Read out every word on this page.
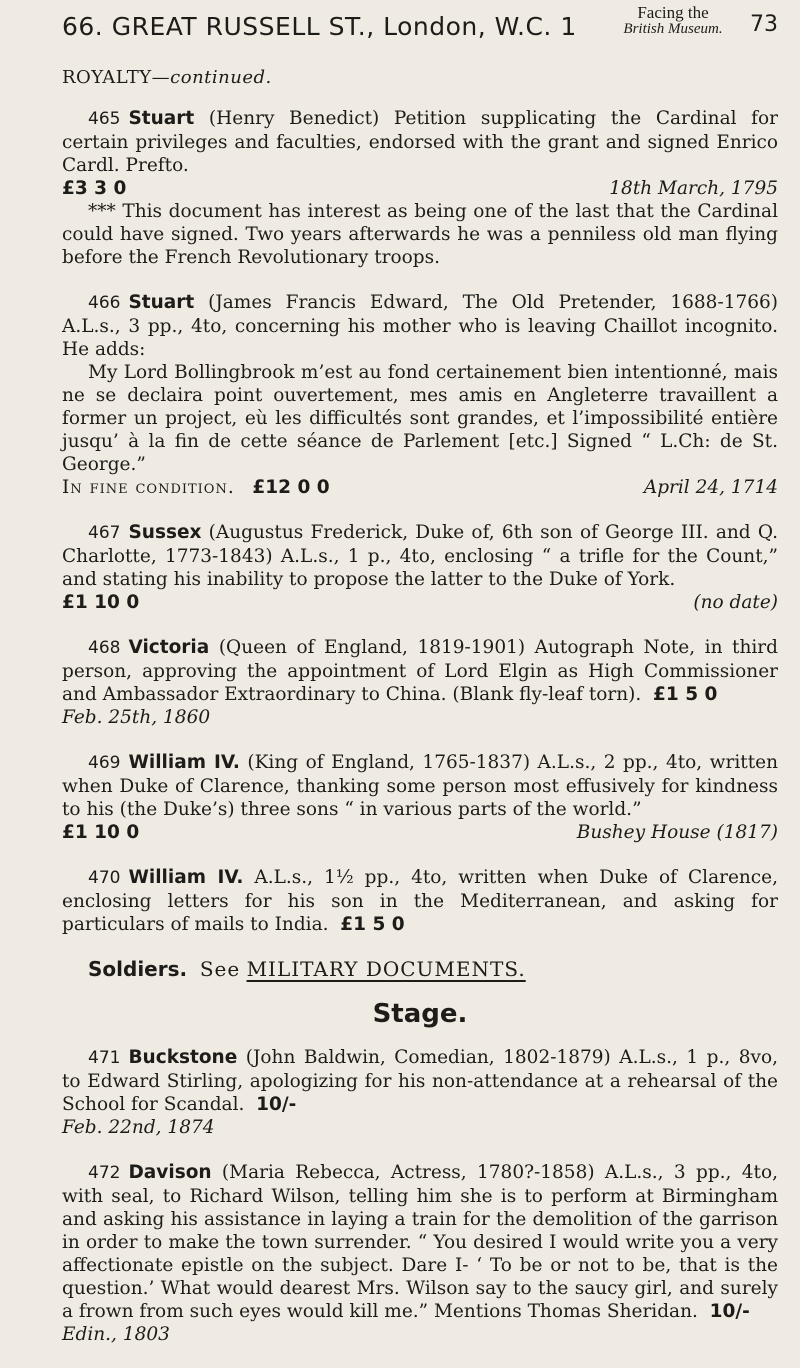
66. GREAT RUSSELL ST., London, W.C. 1	Facing the
British Museum.	73
ROYALTY—continued.

465 Stuart (Henry Benedict) Petition supplicating the Cardinal for certain privileges and faculties, endorsed with the grant and signed Enrico Cardl. Prefto.

£3 3 0	18th March, 1795

*** This document has interest as being one of the last that the Cardinal could have signed. Two years afterwards he was a penniless old man flying before the French Revolutionary troops.

466 Stuart (James Francis Edward, The Old Pretender, 1688-1766) A.L.s., 3 pp., 4to, concerning his mother who is leaving Chaillot incognito. He adds:

My Lord Bollingbrook m’est au fond certainement bien intentionné, mais ne se declaira point ouvertement, mes amis en Angleterre travaillent a former un project, eù les difficultés sont grandes, et l’impossibilité entière jusqu’ à la fin de cette séance de Parlement [etc.] Signed “ L.Ch: de St. George.”

In fine condition. £12 0 0	April 24, 1714

467 Sussex (Augustus Frederick, Duke of, 6th son of George III. and Q. Charlotte, 1773-1843) A.L.s., 1 p., 4to, enclosing “ a trifle for the Count,” and stating his inability to propose the latter to the Duke of York.

£1 10 0	(no date)

468 Victoria (Queen of England, 1819-1901) Autograph Note, in third person, approving the appointment of Lord Elgin as High Commissioner and Ambassador Extraordinary to China. (Blank fly-leaf torn). £1 5 0

Feb. 25th, 1860

469 William IV. (King of England, 1765-1837) A.L.s., 2 pp., 4to, written when Duke of Clarence, thanking some person most effusively for kindness to his (the Duke’s) three sons “ in various parts of the world.”

£1 10 0	Bushey House (1817)

470 William IV. A.L.s., 1½ pp., 4to, written when Duke of Clarence, enclosing letters for his son in the Mediterranean, and asking for particulars of mails to India. £1 5 0

Soldiers. See MILITARY DOCUMENTS.
Stage.

471 Buckstone (John Baldwin, Comedian, 1802-1879) A.L.s., 1 p., 8vo, to Edward Stirling, apologizing for his non-attendance at a rehearsal of the School for Scandal. 10/-

Feb. 22nd, 1874

472 Davison (Maria Rebecca, Actress, 1780?-1858) A.L.s., 3 pp., 4to, with seal, to Richard Wilson, telling him she is to perform at Birmingham and asking his assistance in laying a train for the demolition of the garrison in order to make the town surrender. “ You desired I would write you a very affectionate epistle on the subject. Dare I- ‘ To be or not to be, that is the question.’ What would dearest Mrs. Wilson say to the saucy girl, and surely a frown from such eyes would kill me.” Mentions Thomas Sheridan. 10/-

Edin., 1803
